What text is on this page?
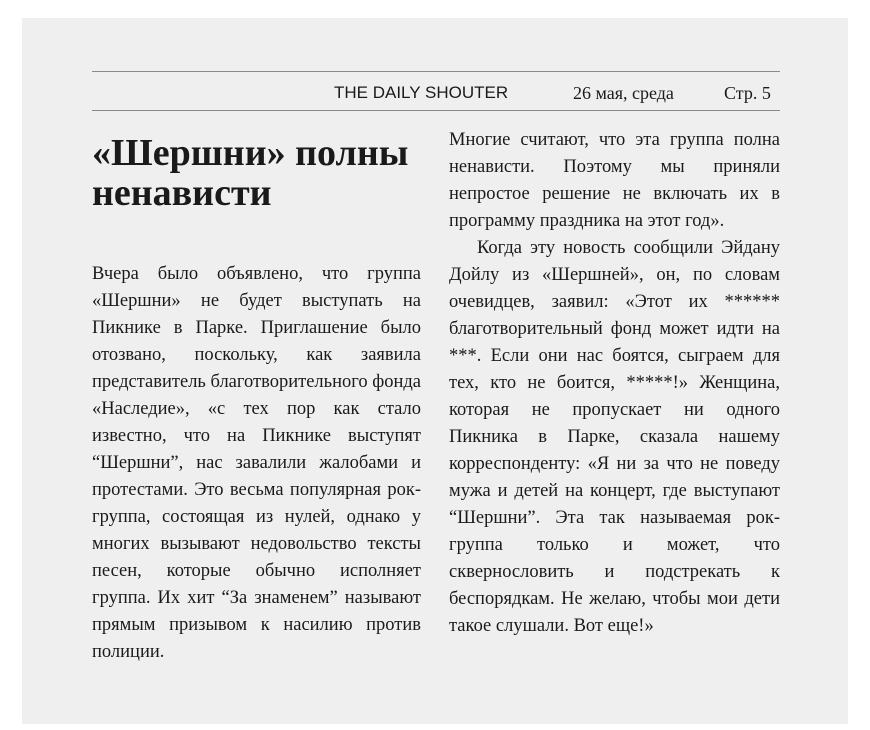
THE DAILY SHOUTER	26 мая, среда	Стр. 5
«Шершни» полны ненависти

Вчера было объявлено, что группа «Шершни» не будет выступать на Пикнике в Парке. Приглашение было отозвано, поскольку, как заявила представитель благотворительного фонда «Наследие», «с тех пор как стало известно, что на Пикнике выступят “Шершни”, нас завалили жалобами и протестами. Это весьма популярная рок-группа, состоящая из нулей, однако у многих вызывают недовольство тексты песен, которые обычно исполняет группа. Их хит “За знаменем” называют прямым призывом к насилию против полиции.

Многие считают, что эта группа полна ненависти. Поэтому мы приняли непростое решение не включать их в программу праздника на этот год».

Когда эту новость сообщили Эйдану Дойлу из «Шершней», он, по словам очевидцев, заявил: «Этот их ****** благотворительный фонд может идти на ***. Если они нас боятся, сыграем для тех, кто не боится, *****!» Женщина, которая не пропускает ни одного Пикника в Парке, сказала нашему корреспонденту: «Я ни за что не поведу мужа и детей на концерт, где выступают “Шершни”. Эта так называемая рок-группа только и может, что сквернословить и подстрекать к беспорядкам. Не желаю, чтобы мои дети такое слушали. Вот еще!»
